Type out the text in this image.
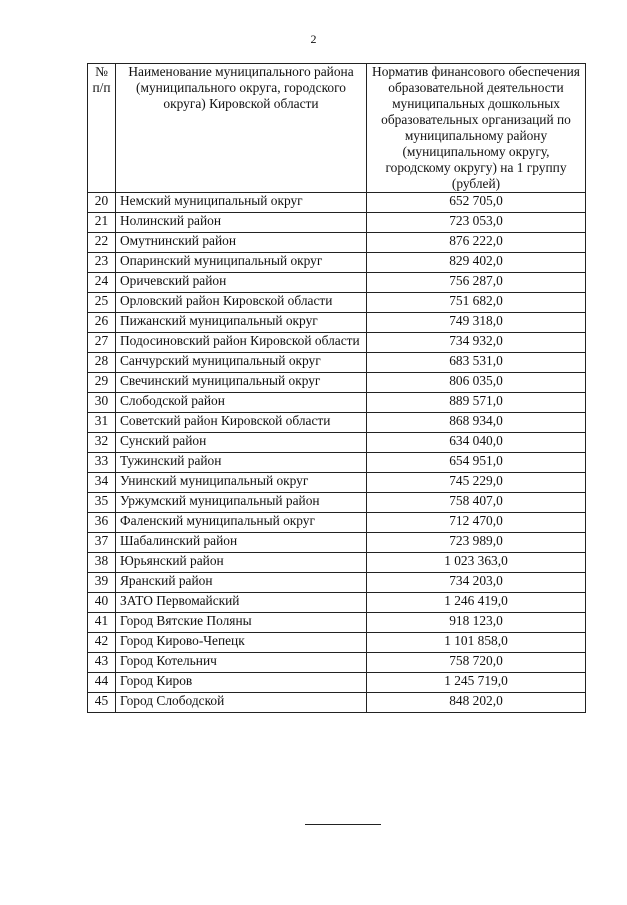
2
№ п/п	Наименование муниципального района (муниципального округа, городского округа) Кировской области	Норматив финансового обеспечения образовательной деятельности муниципальных дошкольных образовательных организаций по муниципальному району (муниципальному округу, городскому округу) на 1 группу (рублей)
20	Немский муниципальный округ	652 705,0
21	Нолинский район	723 053,0
22	Омутнинский район	876 222,0
23	Опаринский муниципальный округ	829 402,0
24	Оричевский район	756 287,0
25	Орловский район Кировской области	751 682,0
26	Пижанский муниципальный округ	749 318,0
27	Подосиновский район Кировской области	734 932,0
28	Санчурский муниципальный округ	683 531,0
29	Свечинский муниципальный округ	806 035,0
30	Слободской район	889 571,0
31	Советский район Кировской области	868 934,0
32	Сунский район	634 040,0
33	Тужинский район	654 951,0
34	Унинский муниципальный округ	745 229,0
35	Уржумский муниципальный район	758 407,0
36	Фаленский муниципальный округ	712 470,0
37	Шабалинский район	723 989,0
38	Юрьянский район	1 023 363,0
39	Яранский район	734 203,0
40	ЗАТО Первомайский	1 246 419,0
41	Город Вятские Поляны	918 123,0
42	Город Кирово-Чепецк	1 101 858,0
43	Город Котельнич	758 720,0
44	Город Киров	1 245 719,0
45	Город Слободской	848 202,0
